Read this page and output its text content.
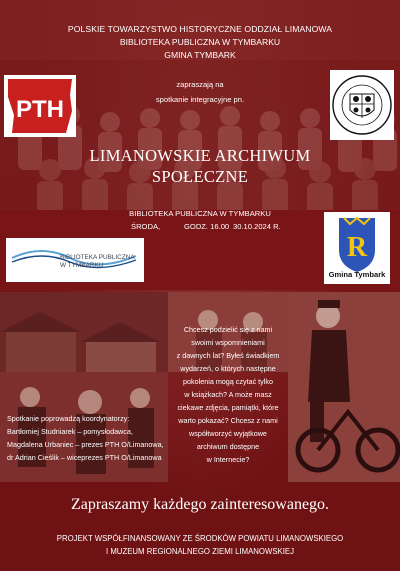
POLSKIE TOWARZYSTWO HISTORYCZNE ODDZIAŁ LIMANOWA
BIBLIOTEKA PUBLICZNA W TYMBARKU
GMINA TYMBARK
PTH
zapraszają na
spotkanie integracyjne pn.
LIMANOWSKIE ARCHIWUM
SPOŁECZNE
BIBLIOTEKA PUBLICZNA
W TYMBARKU
BIBLIOTEKA PUBLICZNA W TYMBARKU
ŚRODA,	GODZ. 16.00 30.10.2024 R.
R
Gmina Tymbark
Chcesz podzielić się z nami
swoimi wspomnieniami
z dawnych lat? Byłeś świadkiem
wydarzeń, o których następne
pokolenia mogą czytać tylko
w książkach? A może masz
ciekawe zdjęcia, pamiątki, które
warto pokazać? Chcesz z nami
współtworzyć wyjątkowe
archiwum dostępne
w Internecie?
Spotkanie poprowadzą koordynatorzy:
Bartłomiej Studniarek – pomysłodawca,
Magdalena Urbaniec – prezes PTH O/Limanowa,
dr Adrian Cieślik – wiceprezes PTH O/Limanowa
Zapraszamy każdego zainteresowanego.
PROJEKT WSPÓŁFINANSOWANY ZE ŚRODKÓW POWIATU LIMANOWSKIEGO
I MUZEUM REGIONALNEGO ZIEMI LIMANOWSKIEJ
